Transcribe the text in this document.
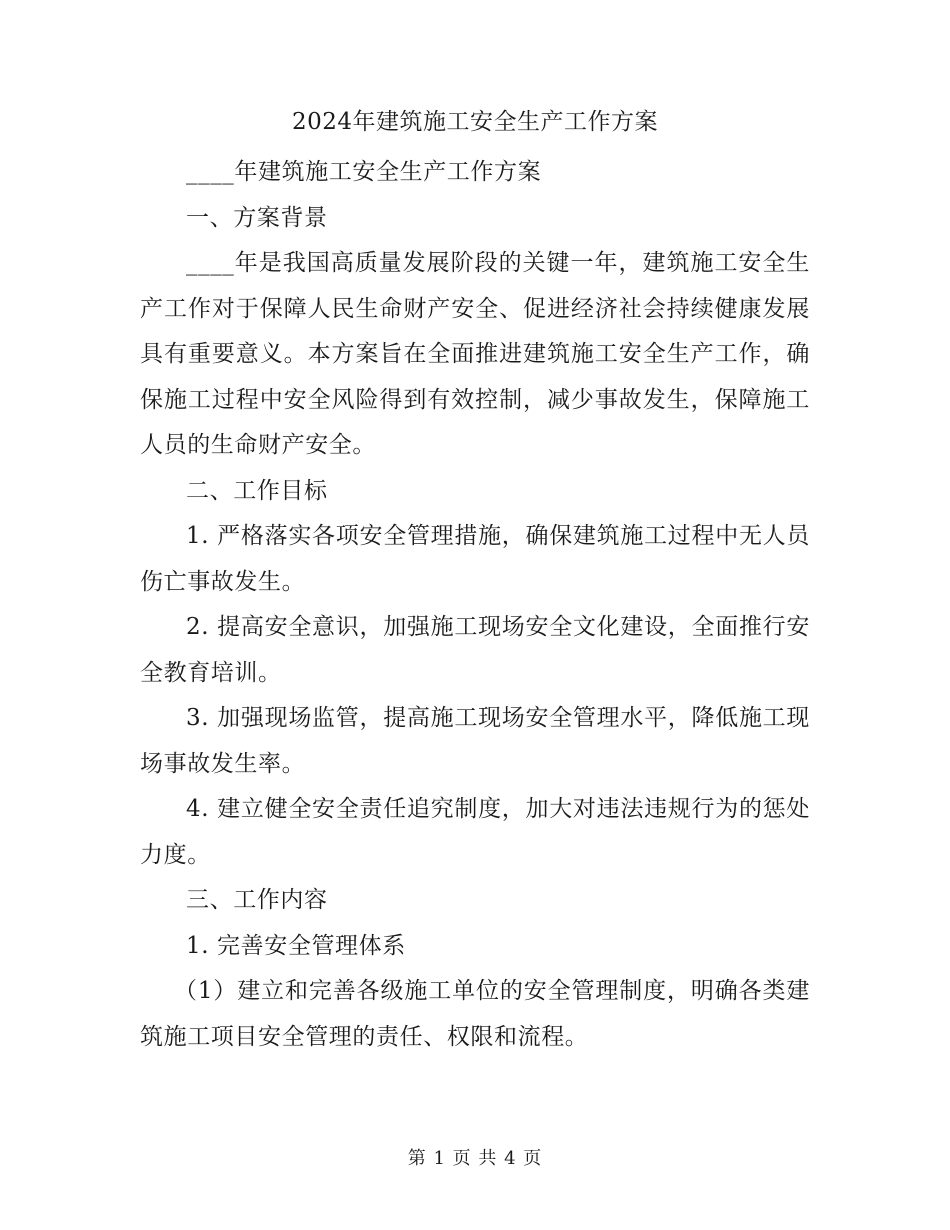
2024年建筑施工安全生产工作方案

____年建筑施工安全生产工作方案

一、方案背景

____年是我国高质量发展阶段的关键一年，建筑施工安全生产工作对于保障人民生命财产安全、促进经济社会持续健康发展具有重要意义。本方案旨在全面推进建筑施工安全生产工作，确保施工过程中安全风险得到有效控制，减少事故发生，保障施工人员的生命财产安全。

二、工作目标

1. 严格落实各项安全管理措施，确保建筑施工过程中无人员伤亡事故发生。

2. 提高安全意识，加强施工现场安全文化建设，全面推行安全教育培训。

3. 加强现场监管，提高施工现场安全管理水平，降低施工现场事故发生率。

4. 建立健全安全责任追究制度，加大对违法违规行为的惩处力度。

三、工作内容

1. 完善安全管理体系

（1）建立和完善各级施工单位的安全管理制度，明确各类建筑施工项目安全管理的责任、权限和流程。

第 1 页 共 4 页
